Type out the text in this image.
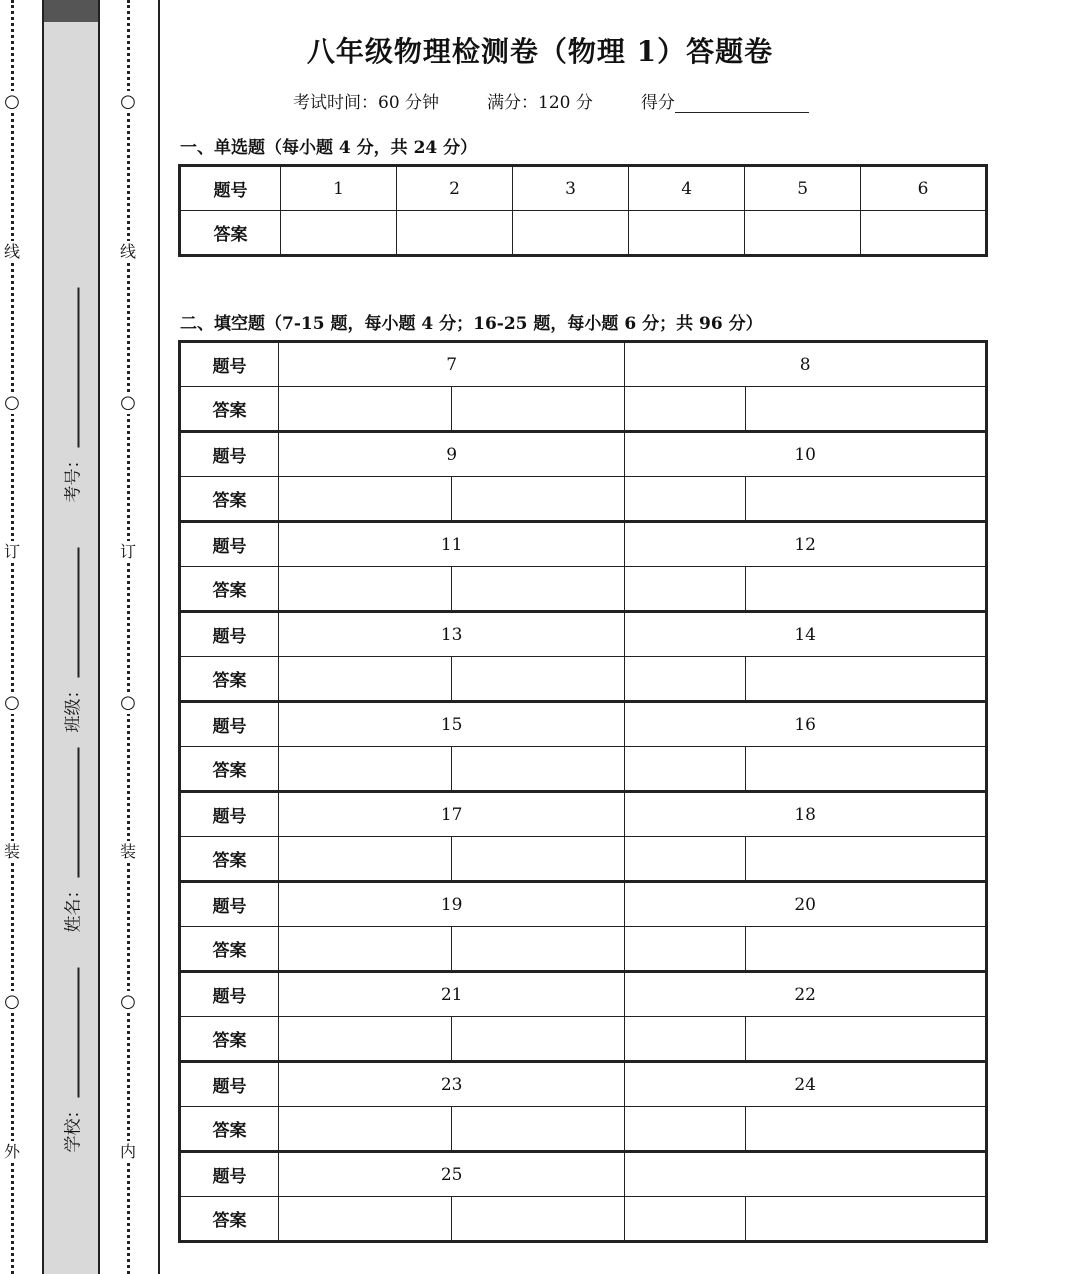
○
线
○
订
○
装
○
外
○
线
○
订
○
装
○
内
学校：
姓名：
班级：
考号：
八年级物理检测卷（物理 1）答题卷
考试时间：60 分钟	满分：120 分	得分
一、单选题（每小题 4 分，共 24 分）
题号	1	2	3	4	5	6
答案						
二、填空题（7-15 题，每小题 4 分；16-25 题，每小题 6 分；共 96 分）
题号	7		8	
答案				
题号	9		10	
答案				
题号	11		12	
答案				
题号	13		14	
答案				
题号	15		16	
答案				
题号	17		18	
答案				
题号	19		20	
答案				
题号	21		22	
答案				
题号	23		24	
答案				
题号	25			
答案				
